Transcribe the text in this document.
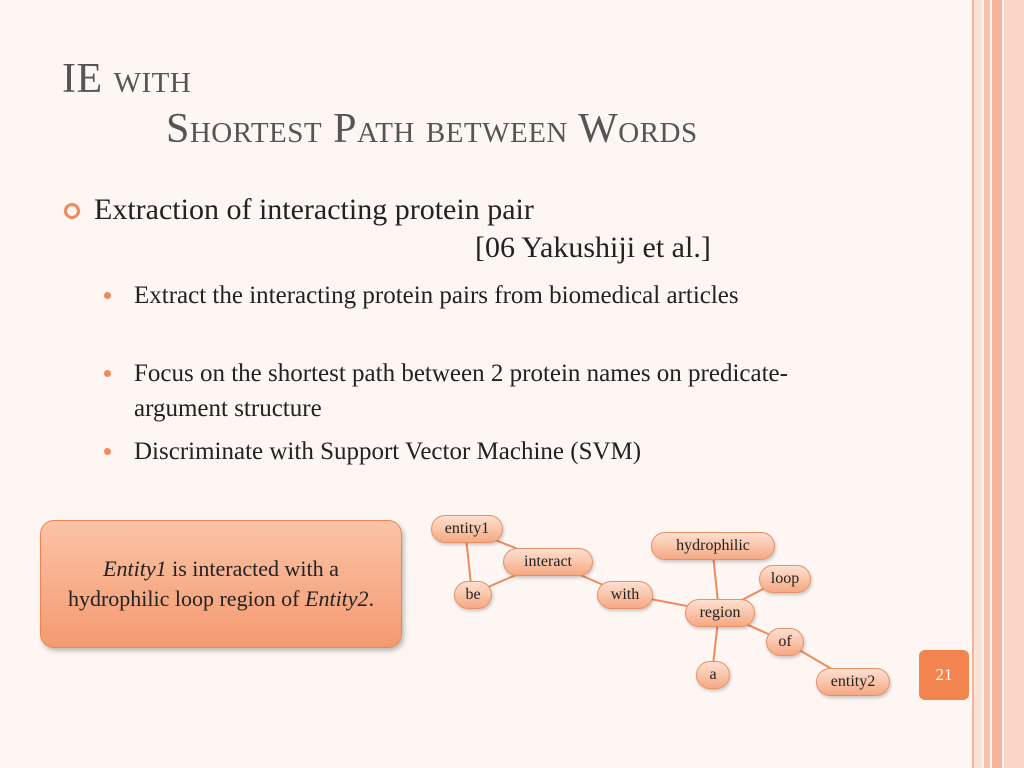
IE with
Shortest Path between Words
Extraction of interacting protein pair
[06 Yakushiji et al.]
Extract the interacting protein pairs from biomedical articles
Focus on the shortest path between 2 protein names on predicate-argument structure
Discriminate with Support Vector Machine (SVM)
Entity1 is interacted with a hydrophilic loop region of Entity2.
entity1
interact
be	with
hydrophilic
loop
region
of
a	entity2	21
